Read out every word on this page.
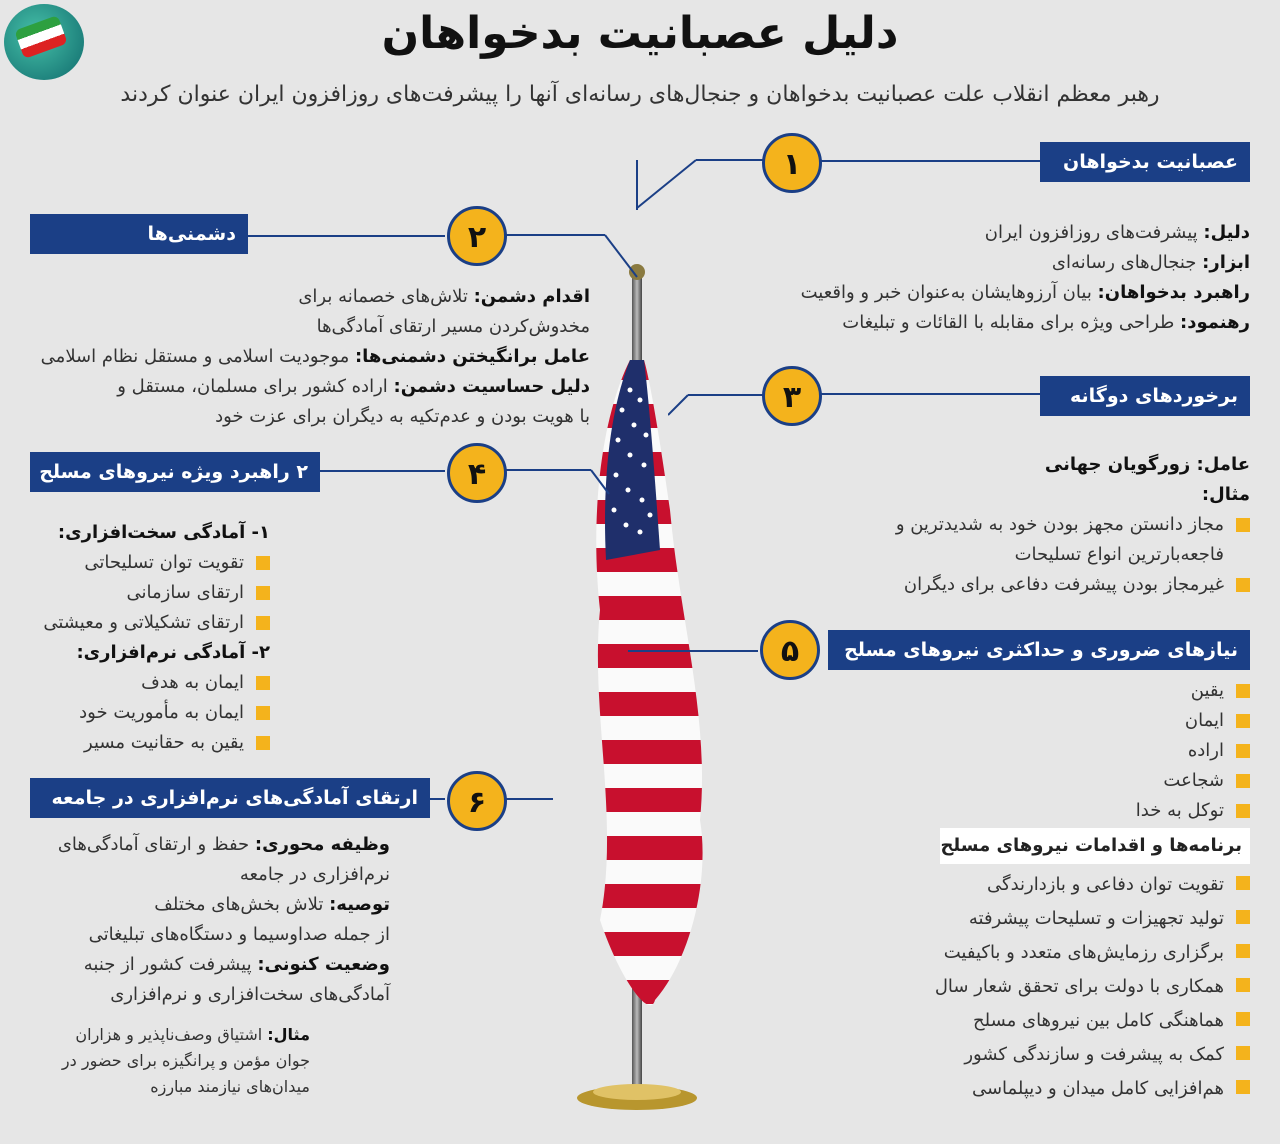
دلیل عصبانیت بدخواهان
رهبر معظم انقلاب علت عصبانیت بدخواهان و جنجال‌های رسانه‌ای آنها را پیشرفت‌های روزافزون ایران عنوان کردند
۱	عصبانیت بدخواهان
دلیل: پیشرفت‌های روزافزون ایران
ابزار: جنجال‌های رسانه‌ای
راهبرد بدخواهان: بیان آرزوهایشان به‌عنوان خبر و واقعیت
رهنمود: طراحی ویژه برای مقابله با القائات و تبلیغات
۲
دشمنی‌ها
اقدام دشمن: تلاش‌های خصمانه برای
مخدوش‌کردن مسیر ارتقای آمادگی‌ها
عامل برانگیختن دشمنی‌ها: موجودیت اسلامی و مستقل نظام اسلامی
دلیل حساسیت دشمن: اراده کشور برای مسلمان، مستقل و
با هویت بودن و عدم‌تکیه به دیگران برای عزت خود
۳	برخوردهای دوگانه
عامل: زورگویان جهانی
مثال:
مجاز دانستن مجهز بودن خود به شدیدترین و
فاجعه‌بارترین انواع تسلیحات
غیرمجاز بودن پیشرفت دفاعی برای دیگران
۴
۲ راهبرد ویژه نیروهای مسلح
۱- آمادگی سخت‌افزاری:
تقویت توان تسلیحاتی
ارتقای سازمانی
ارتقای تشکیلاتی و معیشتی
۲- آمادگی نرم‌افزاری:
ایمان به هدف
ایمان به مأموریت خود
یقین به حقانیت مسیر
۵	نیازهای ضروری و حداکثری نیروهای مسلح
یقین
ایمان
اراده
شجاعت
توکل به خدا
برنامه‌ها و اقدامات نیروهای مسلح
تقویت توان دفاعی و بازدارندگی
تولید تجهیزات و تسلیحات پیشرفته
برگزاری رزمایش‌های متعدد و باکیفیت
همکاری با دولت برای تحقق شعار سال
هماهنگی کامل بین نیروهای مسلح
کمک به پیشرفت و سازندگی کشور
هم‌افزایی کامل میدان و دیپلماسی
۶
ارتقای آمادگی‌های نرم‌افزاری در جامعه
وظیفه محوری: حفظ و ارتقای آمادگی‌های
نرم‌افزاری در جامعه
توصیه: تلاش بخش‌های مختلف
از جمله صداوسیما و دستگاه‌های تبلیغاتی
وضعیت کنونی: پیشرفت کشور از جنبه
آمادگی‌های سخت‌افزاری و نرم‌افزاری
مثال: اشتیاق وصف‌ناپذیر و هزاران
جوان مؤمن و پرانگیزه برای حضور در
میدان‌های نیازمند مبارزه
